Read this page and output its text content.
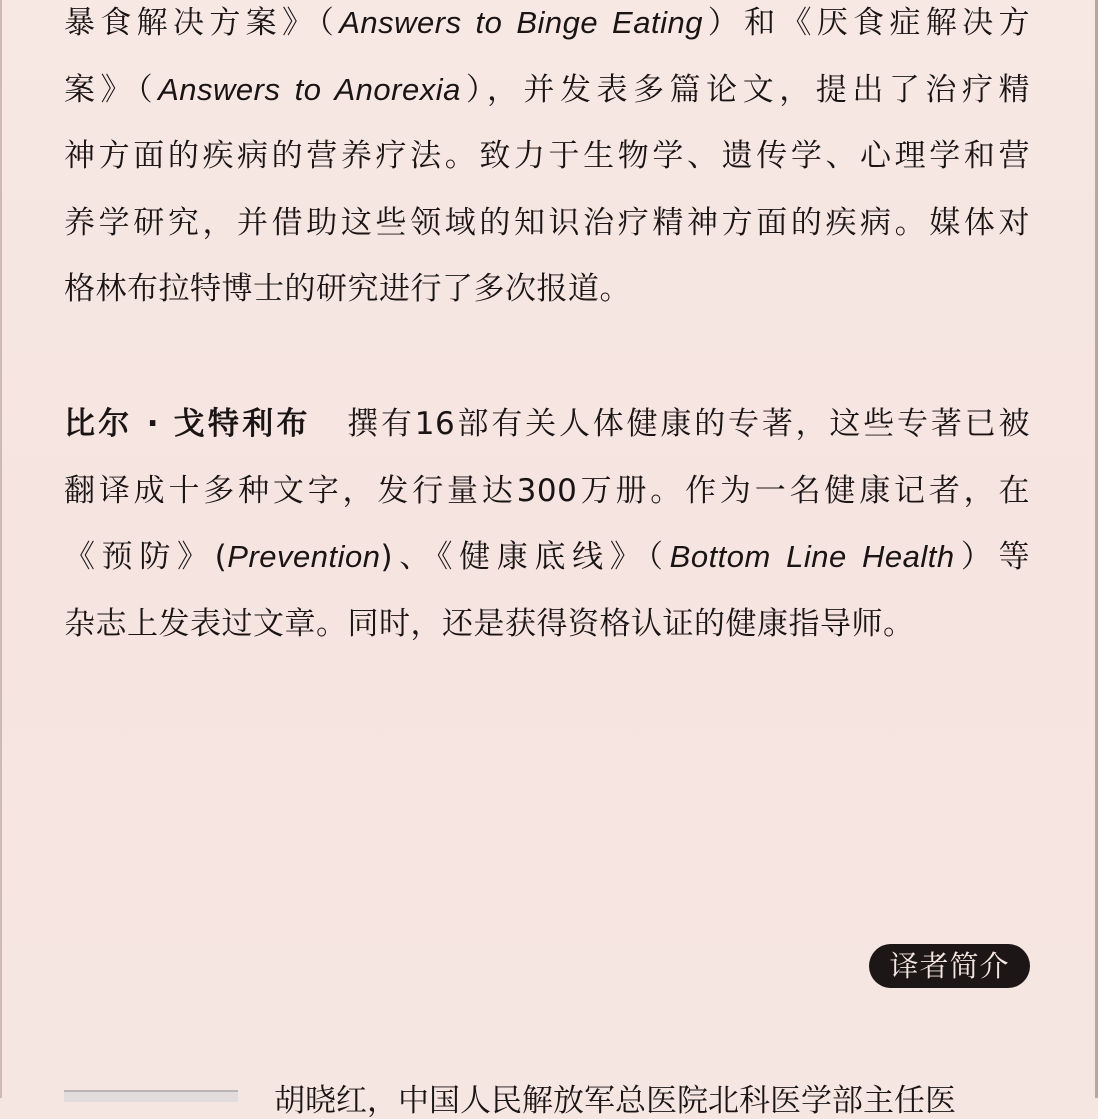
暴食解决方案》（Answers to Binge Eating）和《厌食症解决方
案》（Answers to Anorexia），并发表多篇论文，提出了治疗精
神方面的疾病的营养疗法。致力于生物学、遗传学、心理学和营
养学研究，并借助这些领域的知识治疗精神方面的疾病。媒体对
格林布拉特博士的研究进行了多次报道。
比尔 · 戈特利布 撰有16部有关人体健康的专著，这些专著已被
翻译成十多种文字，发行量达300万册。作为一名健康记者，在
《预防》(Prevention)、《健康底线》（Bottom Line Health）等
杂志上发表过文章。同时，还是获得资格认证的健康指导师。
译者简介
胡晓红，中国人民解放军总医院北科医学部主任医
